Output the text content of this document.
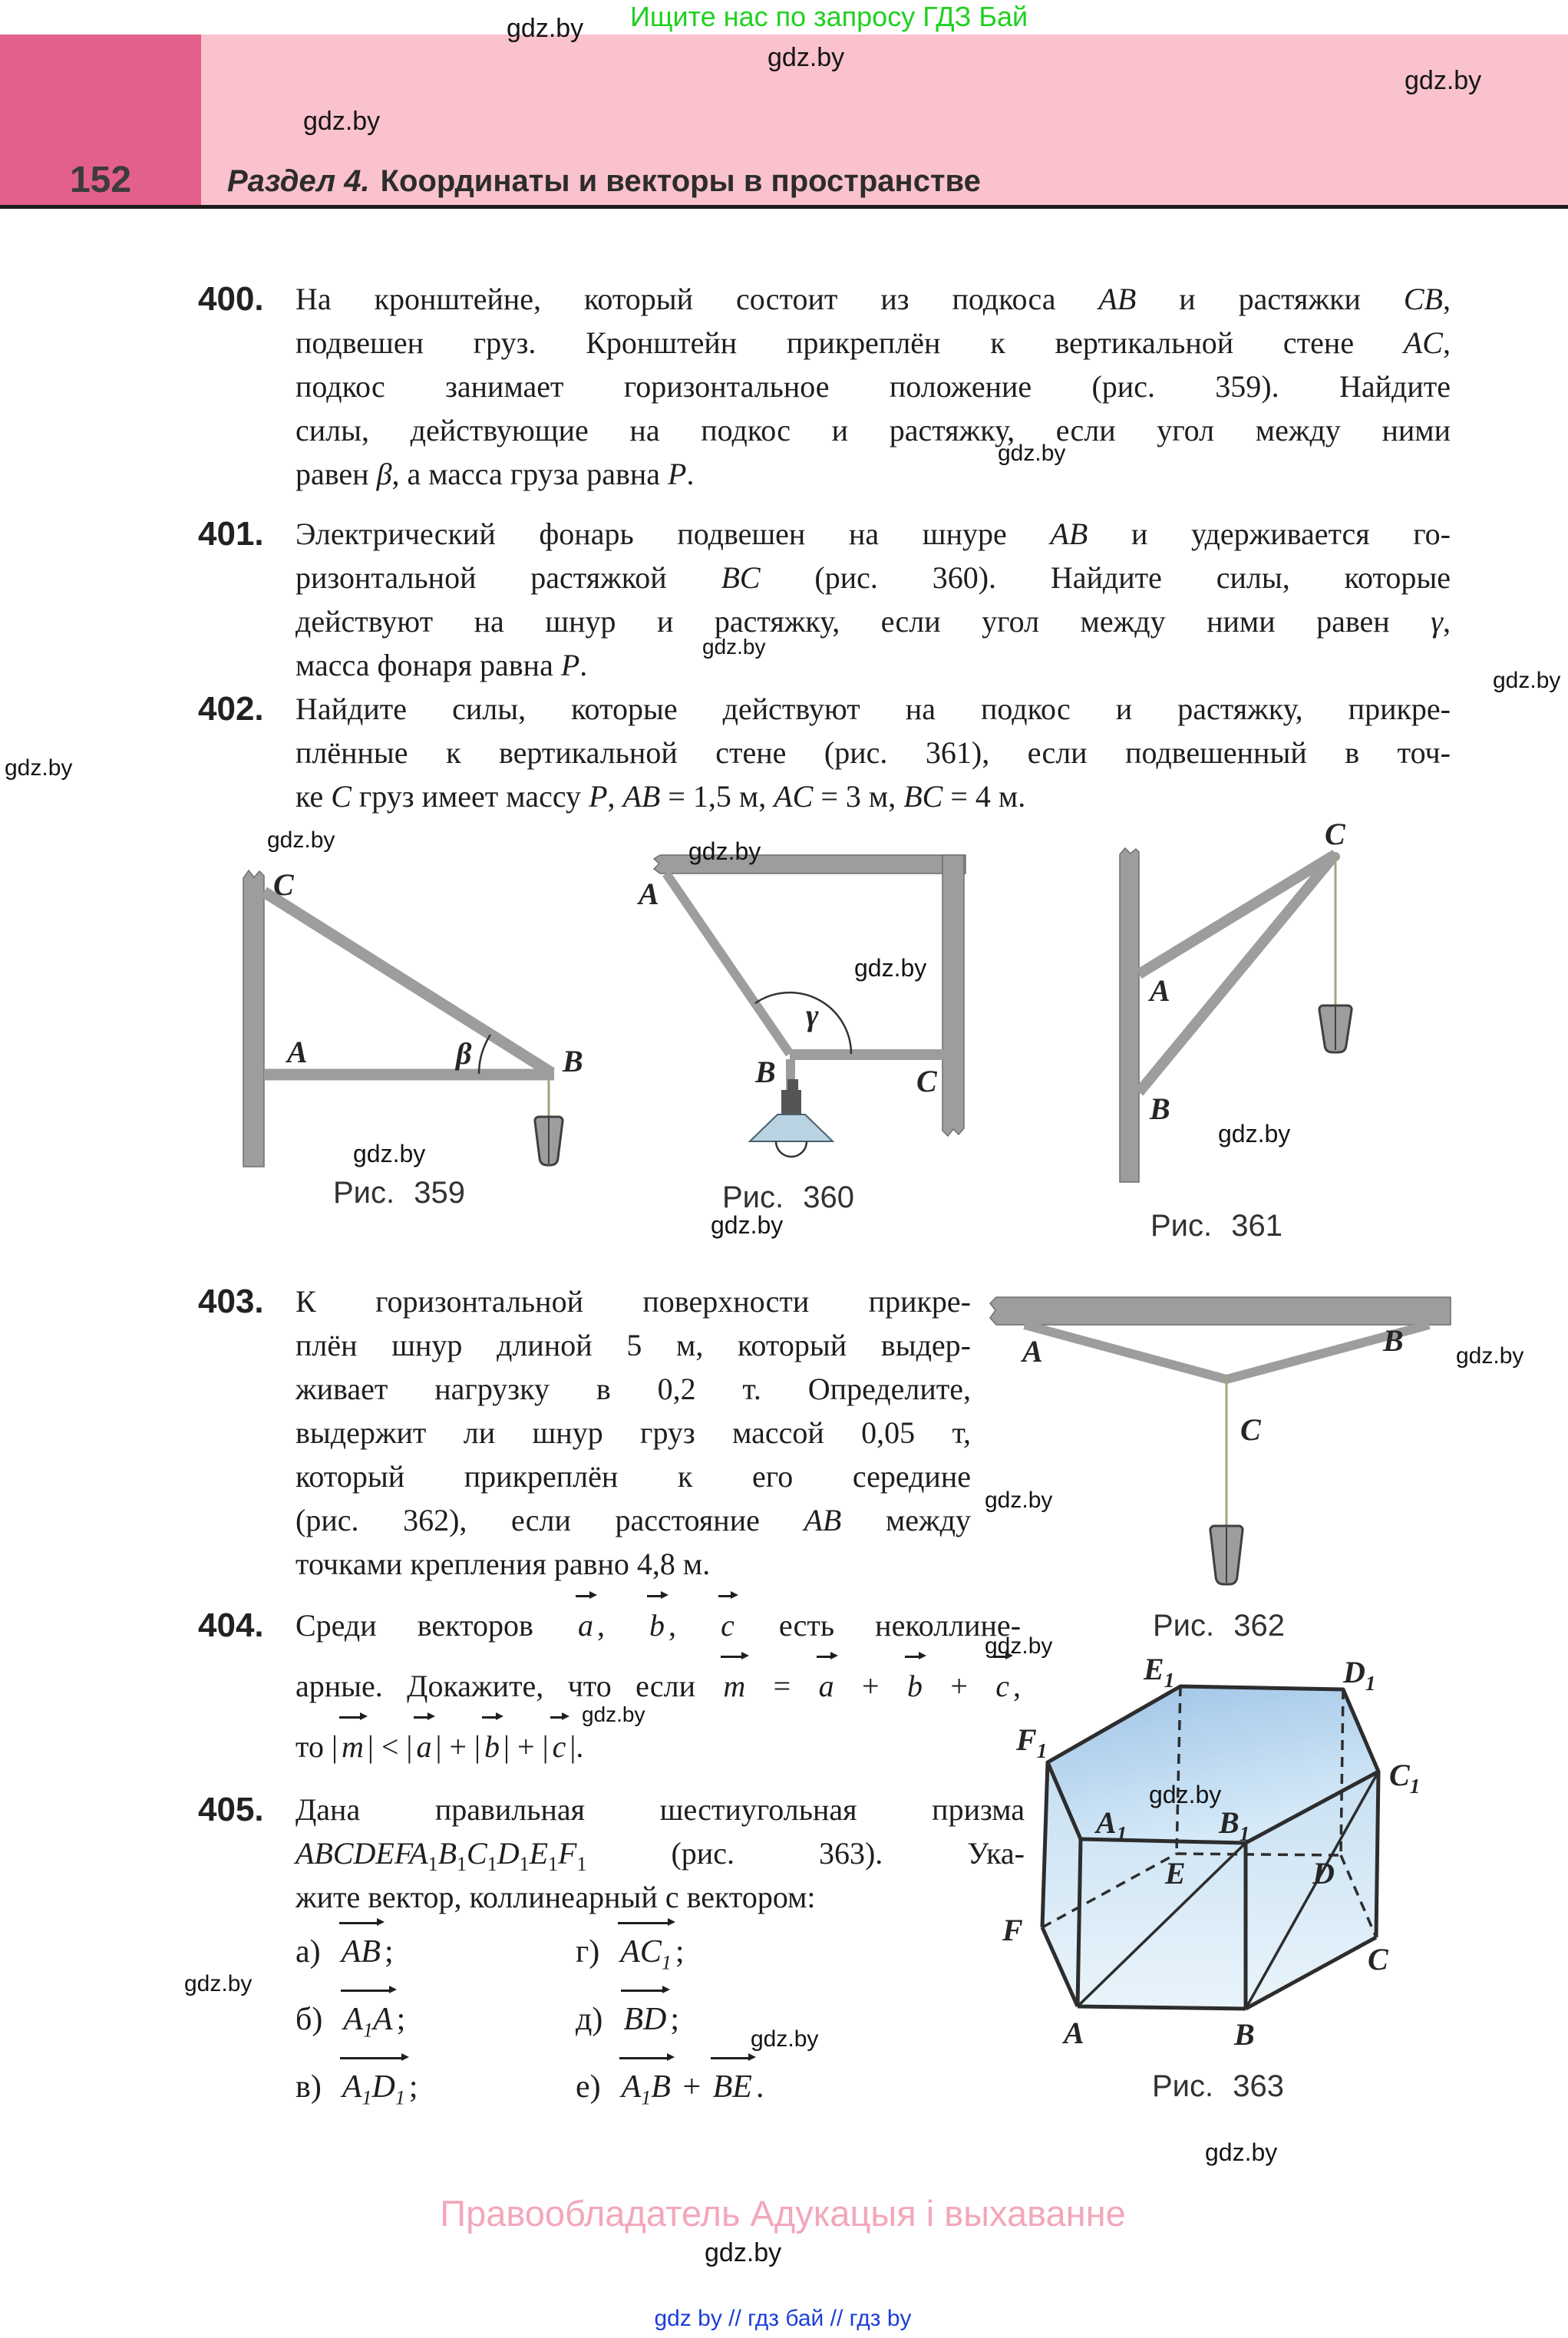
Ищите нас по запросу ГДЗ Бай
152	Раздел 4. Координаты и векторы в пространстве
400. На кронштейне, который состоит из подкоса AB и растяжки CB,
подвешен груз. Кронштейн прикреплён к вертикальной стене AC,
подкос занимает горизонтальное положение (рис. 359). Найдите
силы, действующие на подкос и растяжку, если угол между ними
равен β, а масса груза равна P.
401. Электрический фонарь подвешен на шнуре AB и удерживается го-
ризонтальной растяжкой BC (рис. 360). Найдите силы, которые
действуют на шнур и растяжку, если угол между ними равен γ,
масса фонаря равна P.
402. Найдите силы, которые действуют на подкос и растяжку, прикре-
плённые к вертикальной стене (рис. 361), если подвешенный в точ-
ке C груз имеет массу P, AB = 1,5 м, AC = 3 м, BC = 4 м.
C
A	B
β
Рис. 359
A
B	C
γ
Рис. 360
C
A
B
Рис. 361
403. К горизонтальной поверхности прикре-
плён шнур длиной 5 м, который выдер-
живает нагрузку в 0,2 т. Определите,
выдержит ли шнур груз массой 0,05 т,
который прикреплён к его середине
(рис. 362), если расстояние AB между
точками крепления равно 4,8 м.
A	B
C
Рис. 362
404. Среди векторов a , b , c есть неколлине-
арные. Докажите, что если m = a + b + c ,
то | m | < | a | + | b | + | c |.
405. Дана правильная шестиугольная призма
$ABCDEFA_1B_1C_1D_1E_1F_1$ (рис. 363). Ука-
жите вектор, коллинеарный с вектором:
а) AB ;
б) $A_1A$ ;
в) $A_1D_1$ ;
г) $AC_1$ ;
д) BD ;
е) $A_1B$ + BE .
$E_1$	$D_1$
$F_1$
$C_1$
$A_1$	$B_1$
E	D
F
C
A	B
Рис. 363
gdz.by
gdz.by
gdz.by
gdz.by
gdz.by
gdz.by
gdz.by
gdz.by
gdz.by	gdz.by
gdz.by
gdz.by
gdz.by
gdz.by
gdz.by
gdz.by
gdz.by
gdz.by
gdz.by
gdz.by
gdz.by
gdz.by
gdz.by
Правообладатель Адукацыя і выхаванне
gdz by // гдз бай // гдз by
